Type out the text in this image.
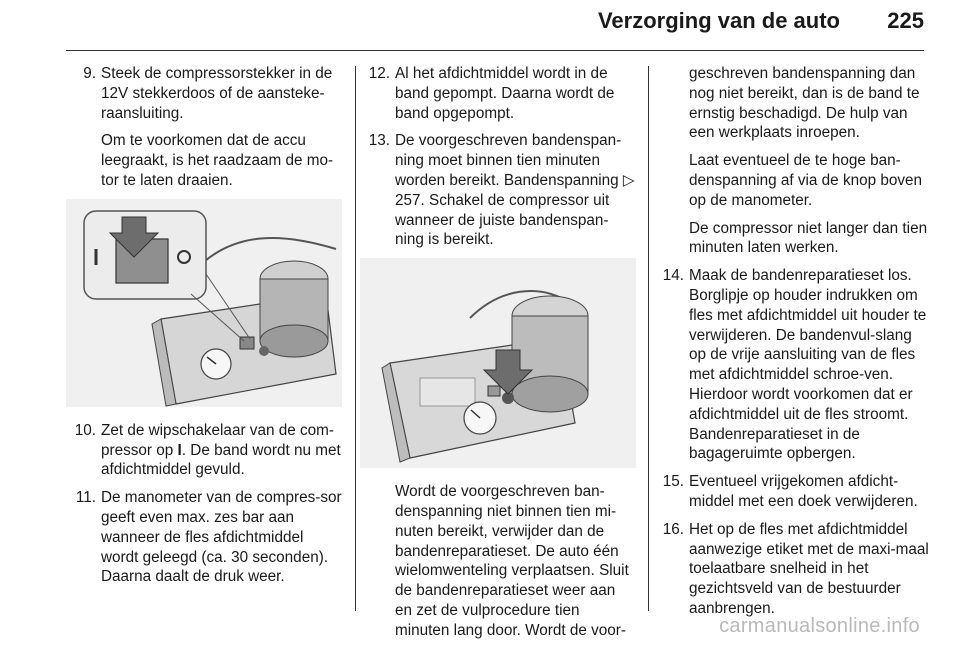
Verzorging van de auto 225
9. Steek de compressorstekker in de 12V stekkerdoos of de aansteke-raansluiting.

Om te voorkomen dat de accu leegraakt, is het raadzaam de mo-tor te laten draaien.

10. Zet de wipschakelaar van de com-pressor op I. De band wordt nu met afdichtmiddel gevuld.

11. De manometer van de compres-sor geeft even max. zes bar aan wanneer de fles afdichtmiddel wordt geleegd (ca. 30 seconden). Daarna daalt de druk weer.

12. Al het afdichtmiddel wordt in de band gepompt. Daarna wordt de band opgepompt.

13. De voorgeschreven bandenspan-ning moet binnen tien minuten worden bereikt. Bandenspanning ▷ 257. Schakel de compressor uit wanneer de juiste bandenspan-ning is bereikt.

Wordt de voorgeschreven ban-denspanning niet binnen tien mi-nuten bereikt, verwijder dan de bandenreparatieset. De auto één wielomwenteling verplaatsen. Sluit de bandenreparatieset weer aan en zet de vulprocedure tien minuten lang door. Wordt de voor-

geschreven bandenspanning dan nog niet bereikt, dan is de band te ernstig beschadigd. De hulp van een werkplaats inroepen.

Laat eventueel de te hoge ban-denspanning af via de knop boven op de manometer.

De compressor niet langer dan tien minuten laten werken.

14. Maak de bandenreparatieset los. Borglipje op houder indrukken om fles met afdichtmiddel uit houder te verwijderen. De bandenvul-slang op de vrije aansluiting van de fles met afdichtmiddel schroe-ven. Hierdoor wordt voorkomen dat er afdichtmiddel uit de fles stroomt. Bandenreparatieset in de bagageruimte opbergen.

15. Eventueel vrijgekomen afdicht-middel met een doek verwijderen.

16. Het op de fles met afdichtmiddel aanwezige etiket met de maxi-maal toelaatbare snelheid in het gezichtsveld van de bestuurder aanbrengen.

carmanualsonline.info
